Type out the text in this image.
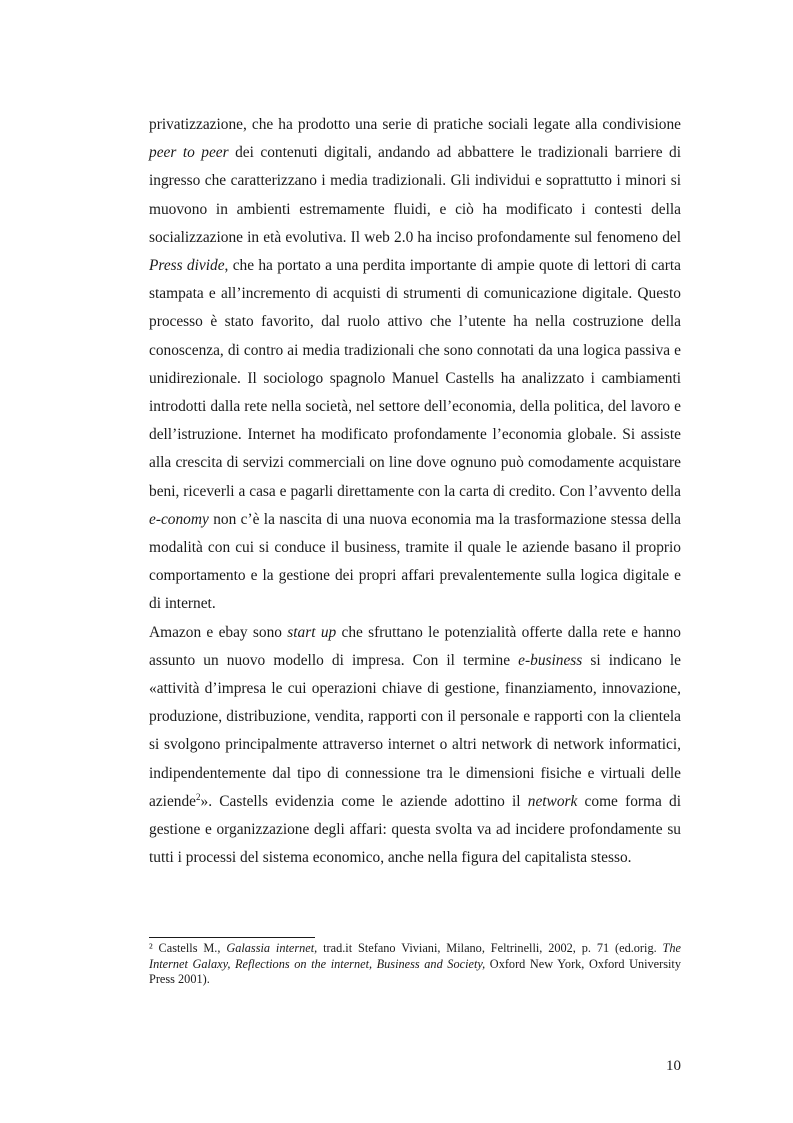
privatizzazione, che ha prodotto una serie di pratiche sociali legate alla condivisione peer to peer dei contenuti digitali, andando ad abbattere le tradizionali barriere di ingresso che caratterizzano i media tradizionali. Gli individui e soprattutto i minori si muovono in ambienti estremamente fluidi, e ciò ha modificato i contesti della socializzazione in età evolutiva. Il web 2.0 ha inciso profondamente sul fenomeno del Press divide, che ha portato a una perdita importante di ampie quote di lettori di carta stampata e all’incremento di acquisti di strumenti di comunicazione digitale. Questo processo è stato favorito, dal ruolo attivo che l’utente ha nella costruzione della conoscenza, di contro ai media tradizionali che sono connotati da una logica passiva e unidirezionale. Il sociologo spagnolo Manuel Castells ha analizzato i cambiamenti introdotti dalla rete nella società, nel settore dell’economia, della politica, del lavoro e dell’istruzione. Internet ha modificato profondamente l’economia globale. Si assiste alla crescita di servizi commerciali on line dove ognuno può comodamente acquistare beni, riceverli a casa e pagarli direttamente con la carta di credito. Con l’avvento della e-conomy non c’è la nascita di una nuova economia ma la trasformazione stessa della modalità con cui si conduce il business, tramite il quale le aziende basano il proprio comportamento e la gestione dei propri affari prevalentemente sulla logica digitale e di internet.

Amazon e ebay sono start up che sfruttano le potenzialità offerte dalla rete e hanno assunto un nuovo modello di impresa. Con il termine e-business si indicano le «attività d’impresa le cui operazioni chiave di gestione, finanziamento, innovazione, produzione, distribuzione, vendita, rapporti con il personale e rapporti con la clientela si svolgono principalmente attraverso internet o altri network di network informatici, indipendentemente dal tipo di connessione tra le dimensioni fisiche e virtuali delle aziende$^2$». Castells evidenzia come le aziende adottino il network come forma di gestione e organizzazione degli affari: questa svolta va ad incidere profondamente su tutti i processi del sistema economico, anche nella figura del capitalista stesso.

² Castells M., Galassia internet, trad.it Stefano Viviani, Milano, Feltrinelli, 2002, p. 71 (ed.orig. The Internet Galaxy, Reflections on the internet, Business and Society, Oxford New York, Oxford University Press 2001).
10
